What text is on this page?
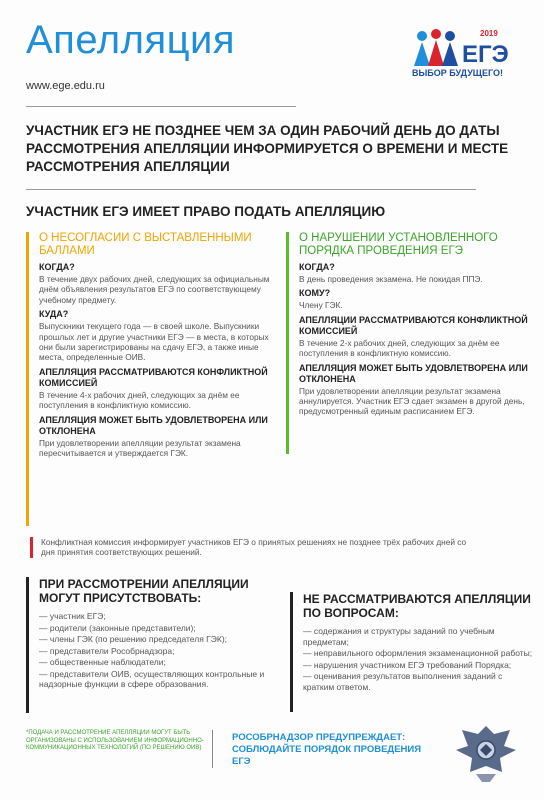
Апелляция
www.ege.edu.ru
2019
ЕГЭ
ВЫБОР БУДУЩЕГО!
УЧАСТНИК ЕГЭ НЕ ПОЗДНЕЕ ЧЕМ ЗА ОДИН РАБОЧИЙ ДЕНЬ ДО ДАТЫ РАССМОТРЕНИЯ АПЕЛЛЯЦИИ ИНФОРМИРУЕТСЯ О ВРЕМЕНИ И МЕСТЕ РАССМОТРЕНИЯ АПЕЛЛЯЦИИ
УЧАСТНИК ЕГЭ ИМЕЕТ ПРАВО ПОДАТЬ АПЕЛЛЯЦИЮ
О НЕСОГЛАСИИ С ВЫСТАВЛЕННЫМИ БАЛЛАМИ
КОГДА?
В течение двух рабочих дней, следующих за официальным днём объявления результатов ЕГЭ по соответствующему учебному предмету.
КУДА?
Выпускники текущего года — в своей школе. Выпускники прошлых лет и другие участники ЕГЭ — в места, в которых они были зарегистрированы на сдачу ЕГЭ, а также иные места, определенные ОИВ.
АПЕЛЛЯЦИЯ РАССМАТРИВАЮТСЯ КОНФЛИКТНОЙ КОМИССИЕЙ
В течение 4-х рабочих дней, следующих за днём ее поступления в конфликтную комиссию.
АПЕЛЛЯЦИЯ МОЖЕТ БЫТЬ УДОВЛЕТВОРЕНА ИЛИ ОТКЛОНЕНА
При удовлетворении апелляции результат экзамена пересчитывается и утверждается ГЭК.
О НАРУШЕНИИ УСТАНОВЛЕННОГО ПОРЯДКА ПРОВЕДЕНИЯ ЕГЭ
КОГДА?
В день проведения экзамена. Не покидая ППЭ.
КОМУ?
Члену ГЭК.
АПЕЛЛЯЦИИ РАССМАТРИВАЮТСЯ КОНФЛИКТНОЙ КОМИССИЕЙ
В течение 2-х рабочих дней, следующих за днём ее поступления в конфликтную комиссию.
АПЕЛЛЯЦИЯ МОЖЕТ БЫТЬ УДОВЛЕТВОРЕНА ИЛИ ОТКЛОНЕНА
При удовлетворении апелляции результат экзамена аннулируется. Участник ЕГЭ сдает экзамен в другой день, предусмотренный единым расписанием ЕГЭ.
Конфликтная комиссия информирует участников ЕГЭ о принятых решениях не позднее трёх рабочих дней со дня принятия соответствующих решений.
ПРИ РАССМОТРЕНИИ АПЕЛЛЯЦИИ МОГУТ ПРИСУТСТВОВАТЬ:
— участник ЕГЭ;
— родители (законные представители);
— члены ГЭК (по решению председателя ГЭК);
— представители Рособрнадзора;
— общественные наблюдатели;
— представители ОИВ, осуществляющих контрольные и надзорные функции в сфере образования.
НЕ РАССМАТРИВАЮТСЯ АПЕЛЛЯЦИИ ПО ВОПРОСАМ:
— содержания и структуры заданий по учебным предметам;
— неправильного оформления экзаменационной работы;
— нарушения участником ЕГЭ требований Порядка;
— оценивания результатов выполнения заданий с кратким ответом.
*ПОДАЧА И РАССМОТРЕНИЕ АПЕЛЛЯЦИИ МОГУТ БЫТЬ ОРГАНИЗОВАНЫ С ИСПОЛЬЗОВАНИЕМ ИНФОРМАЦИОННО-КОММУНИКАЦИОННЫХ ТЕХНОЛОГИЙ (ПО РЕШЕНИЮ ОИВ)
РОСОБРНАДЗОР ПРЕДУПРЕЖДАЕТ: СОБЛЮДАЙТЕ ПОРЯДОК ПРОВЕДЕНИЯ ЕГЭ
